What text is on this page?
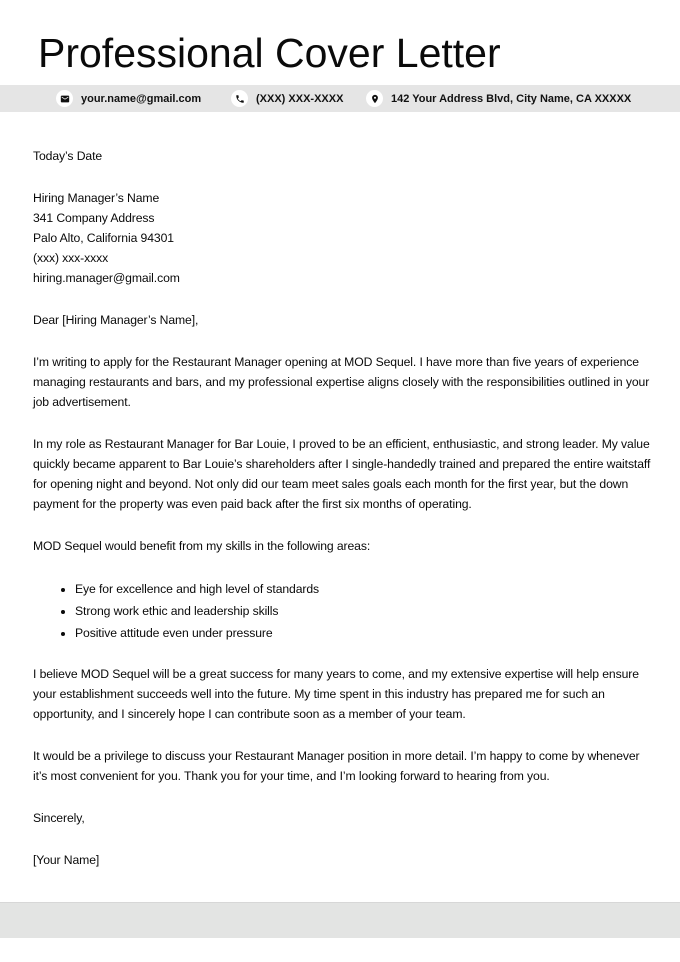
Professional Cover Letter
your.name@gmail.com	(XXX) XXX-XXXX	142 Your Address Blvd, City Name, CA XXXXX

Today’s Date

Hiring Manager’s Name
341 Company Address
Palo Alto, California 94301
(xxx) xxx-xxxx
hiring.manager@gmail.com

Dear [Hiring Manager’s Name],

I’m writing to apply for the Restaurant Manager opening at MOD Sequel. I have more than five years of experience managing restaurants and bars, and my professional expertise aligns closely with the responsibilities outlined in your job advertisement.

In my role as Restaurant Manager for Bar Louie, I proved to be an efficient, enthusiastic, and strong leader. My value quickly became apparent to Bar Louie’s shareholders after I single-handedly trained and prepared the entire waitstaff for opening night and beyond. Not only did our team meet sales goals each month for the first year, but the down payment for the property was even paid back after the first six months of operating.

MOD Sequel would benefit from my skills in the following areas:

• Eye for excellence and high level of standards
• Strong work ethic and leadership skills
• Positive attitude even under pressure

I believe MOD Sequel will be a great success for many years to come, and my extensive expertise will help ensure your establishment succeeds well into the future. My time spent in this industry has prepared me for such an opportunity, and I sincerely hope I can contribute soon as a member of your team.

It would be a privilege to discuss your Restaurant Manager position in more detail. I’m happy to come by whenever it’s most convenient for you. Thank you for your time, and I’m looking forward to hearing from you.

Sincerely,

[Your Name]
